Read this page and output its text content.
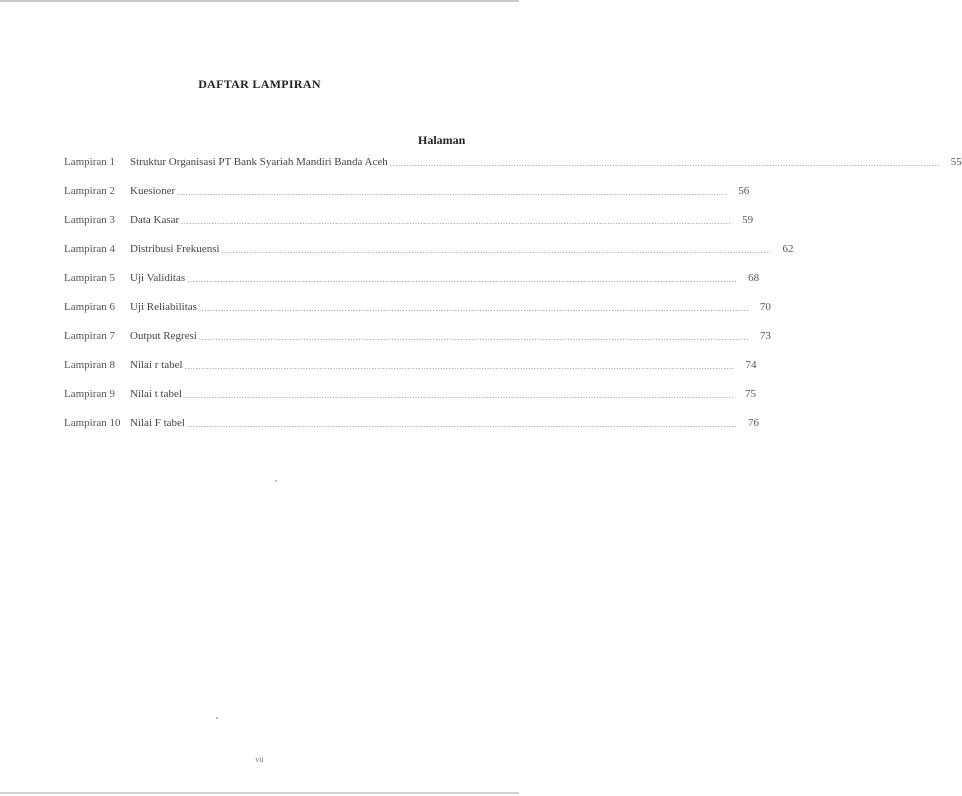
DAFTAR LAMPIRAN
Halaman
Lampiran 1	Struktur Organisasi PT Bank Syariah Mandiri Banda Aceh ........................................................................................................................................................................................................	55
Lampiran 2	Kuesioner ........................................................................................................................................................................................................	56
Lampiran 3	Data Kasar ........................................................................................................................................................................................................	59
Lampiran 4	Distribusi Frekuensi ........................................................................................................................................................................................................	62
Lampiran 5	Uji Validitas ........................................................................................................................................................................................................	68
Lampiran 6	Uji Reliabilitas ........................................................................................................................................................................................................	70
Lampiran 7	Output Regresi ........................................................................................................................................................................................................	73
Lampiran 8	Nilai r tabel ........................................................................................................................................................................................................	74
Lampiran 9	Nilai t tabel ........................................................................................................................................................................................................	75
Lampiran 10 Nilai F tabel ........................................................................................................................................................................................................	76
vii
